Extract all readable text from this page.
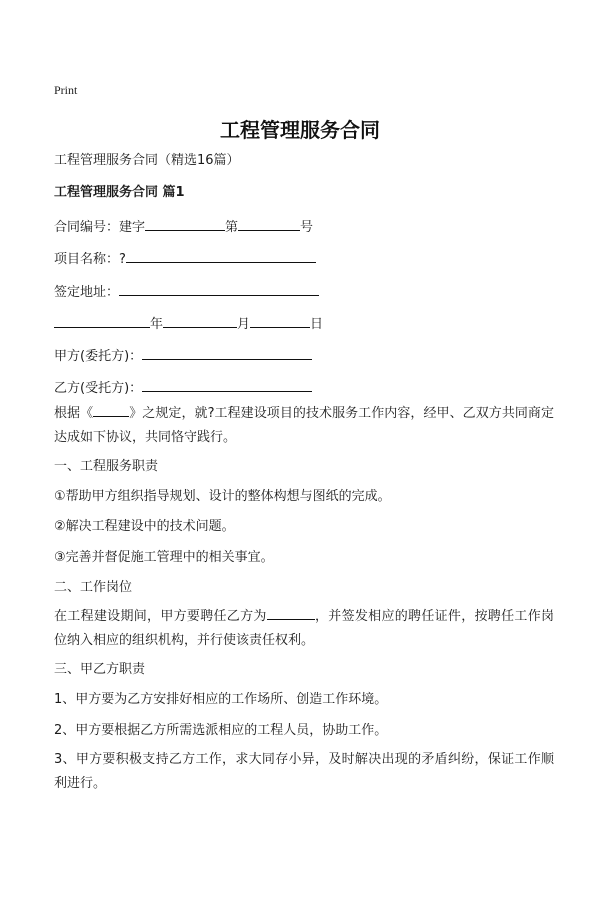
Print
工程管理服务合同
工程管理服务合同（精选16篇）
工程管理服务合同 篇1
合同编号：建字	第	号
项目名称：?
签定地址：
年	月	日
甲方(委托方)：
乙方(受托方)：
根据《	》之规定，就?工程建设项目的技术服务工作内容，经甲、乙双方共同商定达成如下协议，共同恪守践行。
一、工程服务职责
①帮助甲方组织指导规划、设计的整体构想与图纸的完成。
②解决工程建设中的技术问题。
③完善并督促施工管理中的相关事宜。
二、工作岗位
在工程建设期间，甲方要聘任乙方为	，并签发相应的聘任证件，按聘任工作岗位纳入相应的组织机构，并行使该责任权利。
三、甲乙方职责
1、甲方要为乙方安排好相应的工作场所、创造工作环境。
2、甲方要根据乙方所需选派相应的工程人员，协助工作。
3、甲方要积极支持乙方工作，求大同存小异，及时解决出现的矛盾纠纷，保证工作顺利进行。
